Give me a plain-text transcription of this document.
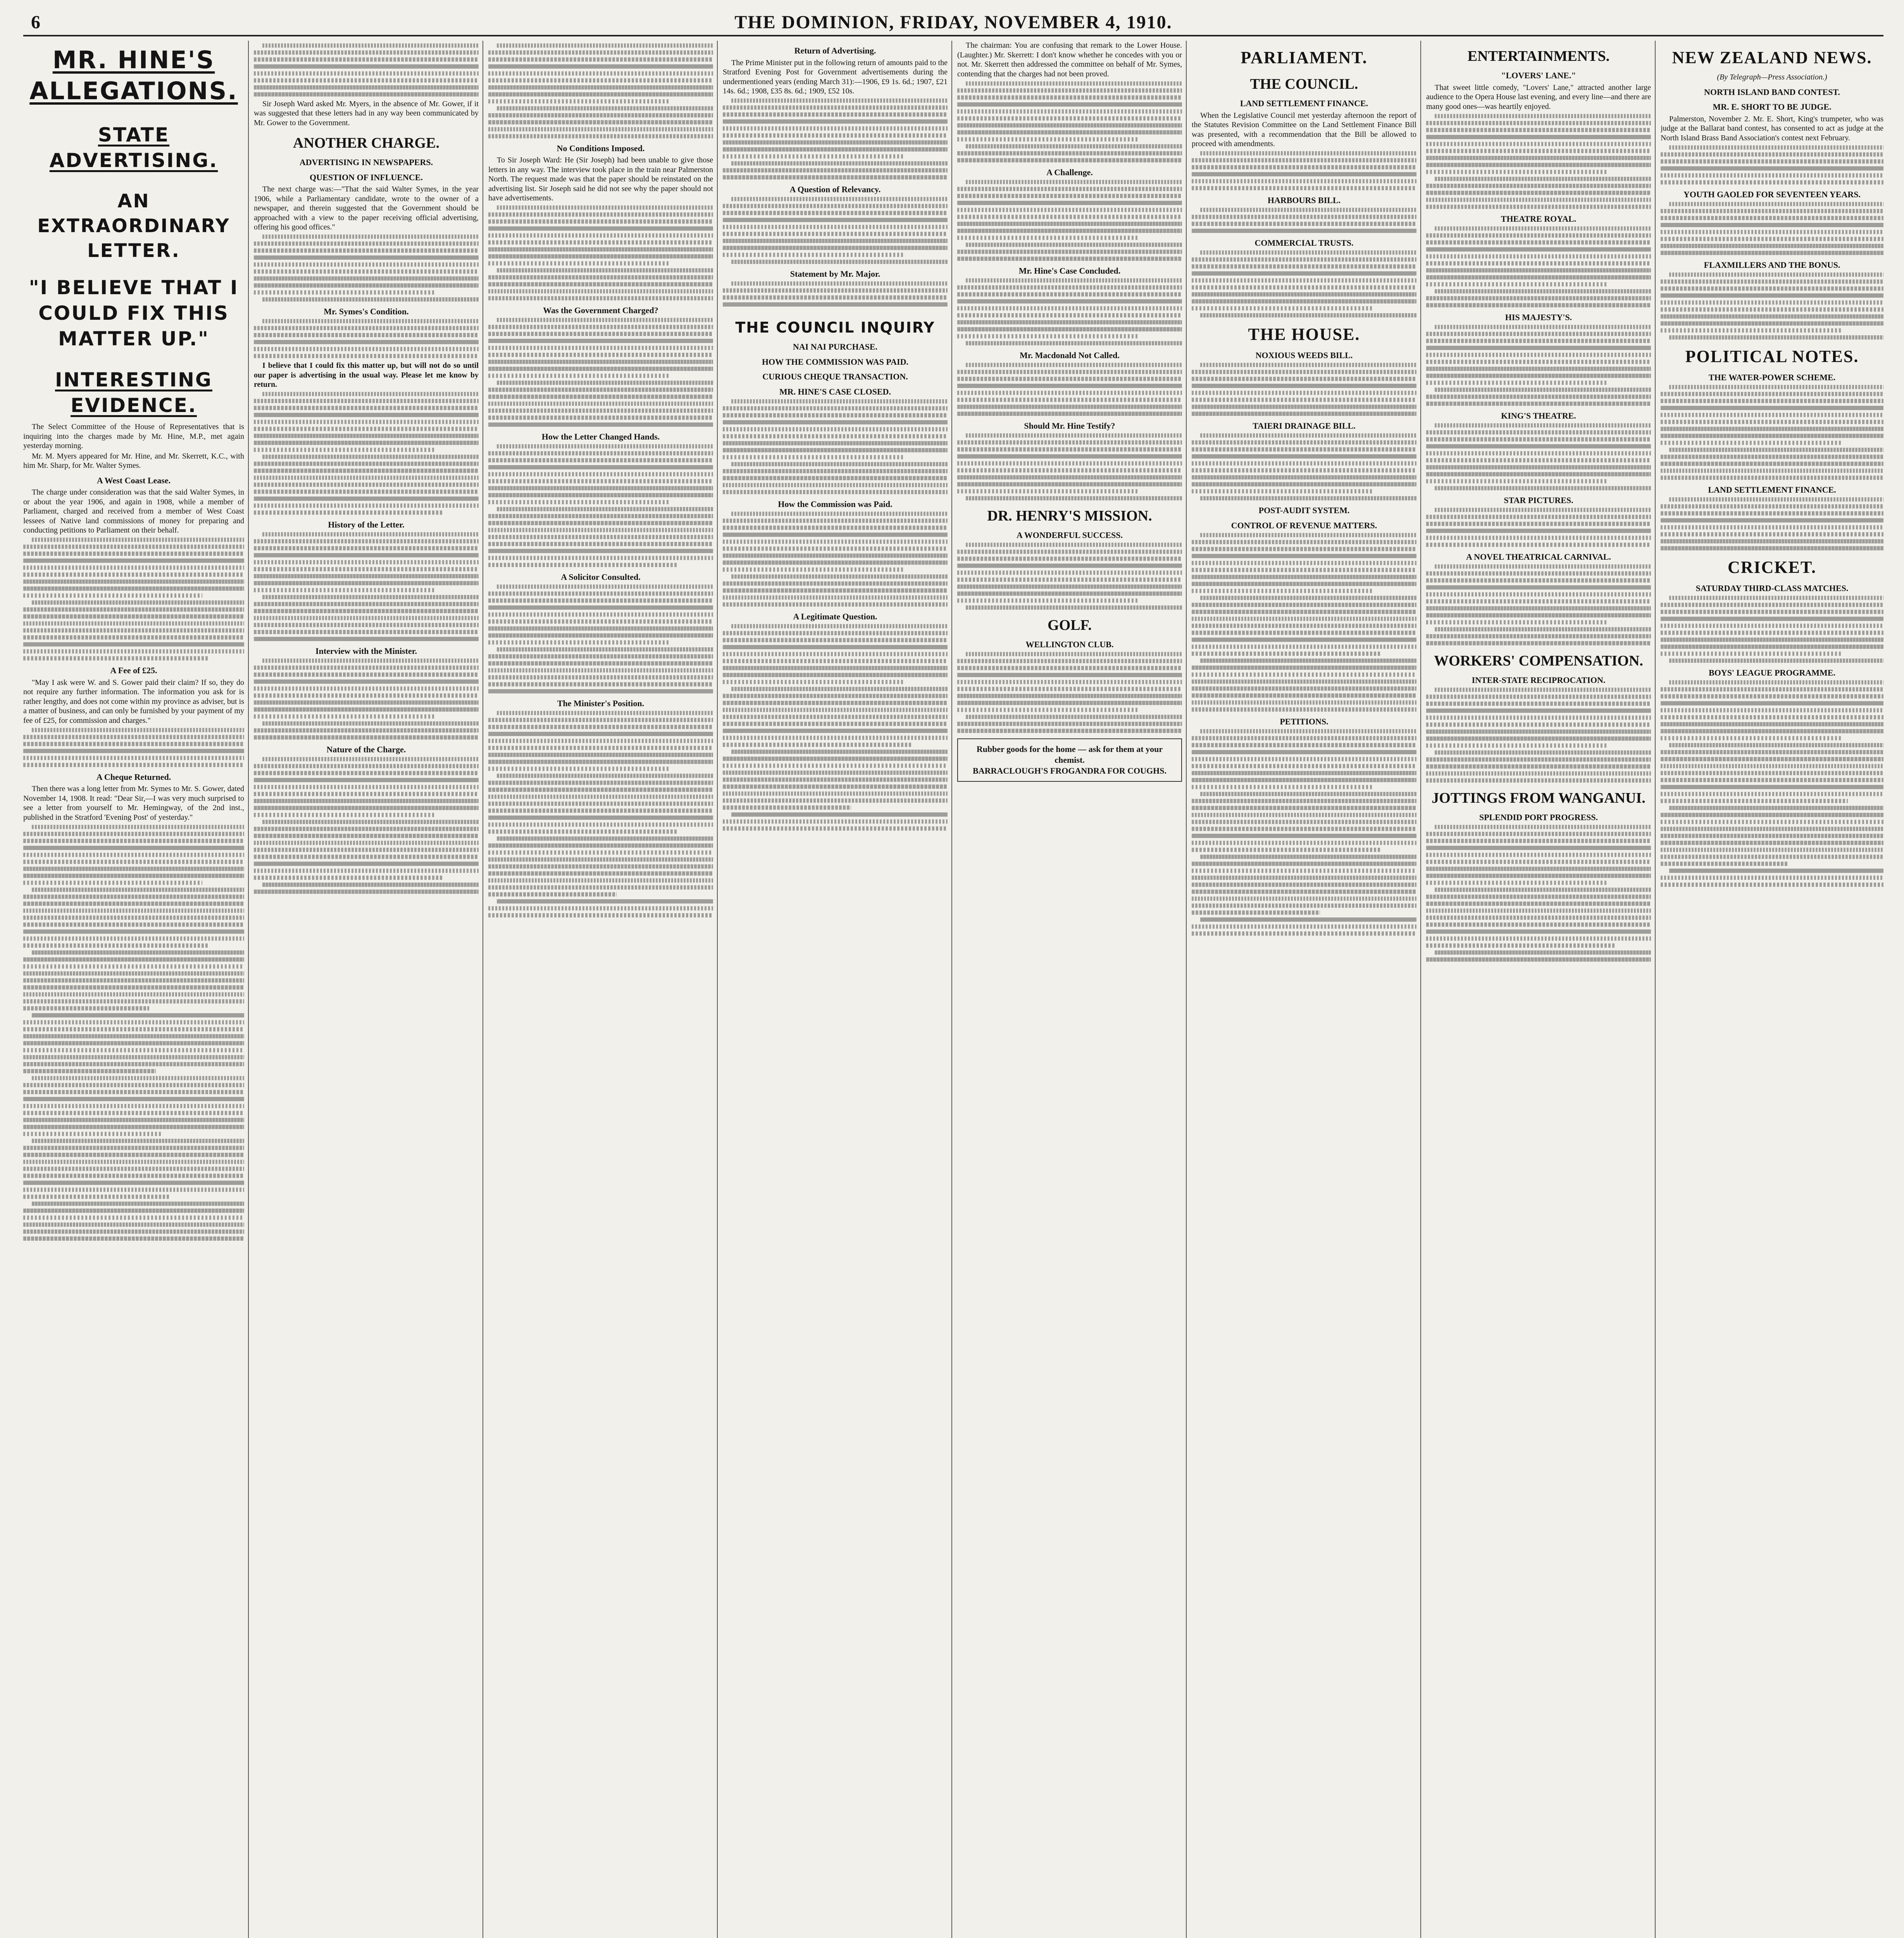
6	THE DOMINION, FRIDAY, NOVEMBER 4, 1910.
MR. HINE'S ALLEGATIONS.
STATE ADVERTISING.
AN EXTRAORDINARY LETTER.
"I BELIEVE THAT I COULD FIX THIS MATTER UP."
INTERESTING EVIDENCE.

The Select Committee of the House of Representatives that is inquiring into the charges made by Mr. Hine, M.P., met again yesterday morning.

Mr. M. Myers appeared for Mr. Hine, and Mr. Skerrett, K.C., with him Mr. Sharp, for Mr. Walter Symes.

A West Coast Lease.

The charge under consideration was that the said Walter Symes, in or about the year 1906, and again in 1908, while a member of Parliament, charged and received from a member of West Coast lessees of Native land commissions of money for preparing and conducting petitions to Parliament on their behalf.

A Fee of £25.

"May I ask were W. and S. Gower paid their claim? If so, they do not require any further information. The information you ask for is rather lengthy, and does not come within my province as adviser, but is a matter of business, and can only be furnished by your payment of my fee of £25, for commission and charges."

A Cheque Returned.

Then there was a long letter from Mr. Symes to Mr. S. Gower, dated November 14, 1908. It read: "Dear Sir,—I was very much surprised to see a letter from yourself to Mr. Hemingway, of the 2nd inst., published in the Stratford 'Evening Post' of yesterday."

Sir Joseph Ward asked Mr. Myers, in the absence of Mr. Gower, if it was suggested that these letters had in any way been communicated by Mr. Gower to the Government.

ANOTHER CHARGE.
ADVERTISING IN NEWSPAPERS.
QUESTION OF INFLUENCE.

The next charge was:—"That the said Walter Symes, in the year 1906, while a Parliamentary candidate, wrote to the owner of a newspaper, and therein suggested that the Government should be approached with a view to the paper receiving official advertising, offering his good offices."

Mr. Symes's Condition.

I believe that I could fix this matter up, but will not do so until our paper is advertising in the usual way. Please let me know by return.

History of the Letter.
Interview with the Minister.
Nature of the Charge.
No Conditions Imposed.

To Sir Joseph Ward: He (Sir Joseph) had been unable to give those letters in any way. The interview took place in the train near Palmerston North. The request made was that the paper should be reinstated on the advertising list. Sir Joseph said he did not see why the paper should not have advertisements.

Was the Government Charged?
How the Letter Changed Hands.
A Solicitor Consulted.
The Minister's Position.
Return of Advertising.

The Prime Minister put in the following return of amounts paid to the Stratford Evening Post for Government advertisements during the undermentioned years (ending March 31):—1906, £9 1s. 6d.; 1907, £21 14s. 6d.; 1908, £35 8s. 6d.; 1909, £52 10s.

A Question of Relevancy.
Statement by Mr. Major.
THE COUNCIL INQUIRY
NAI NAI PURCHASE.
HOW THE COMMISSION WAS PAID.
CURIOUS CHEQUE TRANSACTION.
MR. HINE'S CASE CLOSED.
How the Commission was Paid.
A Legitimate Question.

The chairman: You are confusing that remark to the Lower House. (Laughter.) Mr. Skerrett: I don't know whether he concedes with you or not. Mr. Skerrett then addressed the committee on behalf of Mr. Symes, contending that the charges had not been proved.

A Challenge.
Mr. Hine's Case Concluded.
Mr. Macdonald Not Called.
Should Mr. Hine Testify?
DR. HENRY'S MISSION.
A WONDERFUL SUCCESS.
GOLF.
WELLINGTON CLUB.
Rubber goods for the home — ask for them at your chemist.
BARRACLOUGH'S FROGANDRA FOR COUGHS.
PARLIAMENT.
THE COUNCIL.
LAND SETTLEMENT FINANCE.

When the Legislative Council met yesterday afternoon the report of the Statutes Revision Committee on the Land Settlement Finance Bill was presented, with a recommendation that the Bill be allowed to proceed with amendments.

HARBOURS BILL.
COMMERCIAL TRUSTS.
THE HOUSE.
NOXIOUS WEEDS BILL.
TAIERI DRAINAGE BILL.
POST-AUDIT SYSTEM.
CONTROL OF REVENUE MATTERS.
PETITIONS.
ENTERTAINMENTS.
"LOVERS' LANE."

That sweet little comedy, "Lovers' Lane," attracted another large audience to the Opera House last evening, and every line—and there are many good ones—was heartily enjoyed.

THEATRE ROYAL.
HIS MAJESTY'S.
KING'S THEATRE.
STAR PICTURES.
A NOVEL THEATRICAL CARNIVAL.
WORKERS' COMPENSATION.
INTER-STATE RECIPROCATION.
JOTTINGS FROM WANGANUI.
SPLENDID PORT PROGRESS.
NEW ZEALAND NEWS.
(By Telegraph—Press Association.)
NORTH ISLAND BAND CONTEST.
MR. E. SHORT TO BE JUDGE.

Palmerston, November 2. Mr. E. Short, King's trumpeter, who was judge at the Ballarat band contest, has consented to act as judge at the North Island Brass Band Association's contest next February.

YOUTH GAOLED FOR SEVENTEEN YEARS.
FLAXMILLERS AND THE BONUS.
POLITICAL NOTES.
THE WATER-POWER SCHEME.
LAND SETTLEMENT FINANCE.
CRICKET.
SATURDAY THIRD-CLASS MATCHES.
BOYS' LEAGUE PROGRAMME.
